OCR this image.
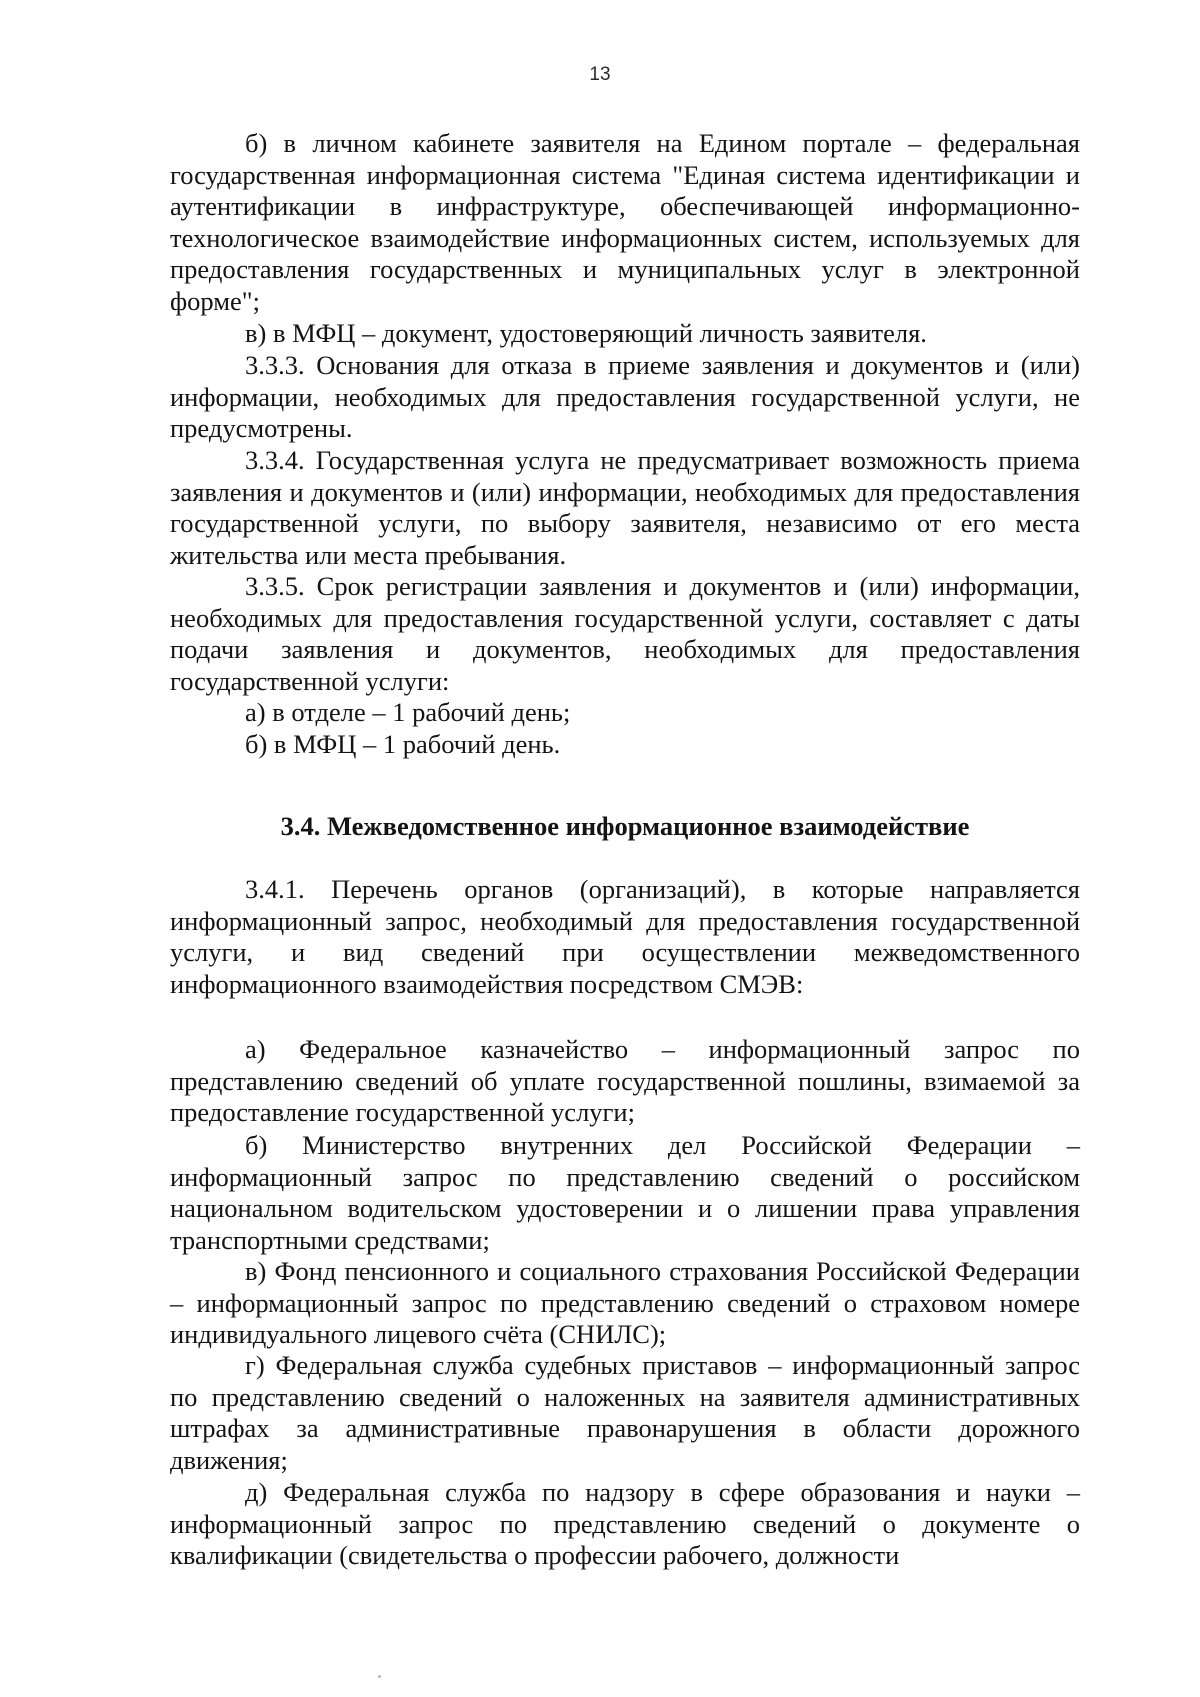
13

б) в личном кабинете заявителя на Едином портале – федеральная государственная информационная система "Единая система идентификации и аутентификации в инфраструктуре, обеспечивающей информационно-технологическое взаимодействие информационных систем, используемых для предоставления государственных и муниципальных услуг в электронной форме";

в) в МФЦ – документ, удостоверяющий личность заявителя.

3.3.3. Основания для отказа в приеме заявления и документов и (или) информации, необходимых для предоставления государственной услуги, не предусмотрены.

3.3.4. Государственная услуга не предусматривает возможность приема заявления и документов и (или) информации, необходимых для предоставления государственной услуги, по выбору заявителя, независимо от его места жительства или места пребывания.

3.3.5. Срок регистрации заявления и документов и (или) информации, необходимых для предоставления государственной услуги, составляет с даты подачи заявления и документов, необходимых для предоставления государственной услуги:

а) в отделе – 1 рабочий день;

б) в МФЦ – 1 рабочий день.

3.4. Межведомственное информационное взаимодействие

3.4.1. Перечень органов (организаций), в которые направляется информационный запрос, необходимый для предоставления государственной услуги, и вид сведений при осуществлении межведомственного информационного взаимодействия посредством СМЭВ:

а) Федеральное казначейство – информационный запрос по представлению сведений об уплате государственной пошлины, взимаемой за предоставление государственной услуги;

б) Министерство внутренних дел Российской Федерации – информационный запрос по представлению сведений о российском национальном водительском удостоверении и о лишении права управления транспортными средствами;

в) Фонд пенсионного и социального страхования Российской Федерации – информационный запрос по представлению сведений о страховом номере индивидуального лицевого счёта (СНИЛС);

г) Федеральная служба судебных приставов – информационный запрос по представлению сведений о наложенных на заявителя административных штрафах за административные правонарушения в области дорожного движения;

д) Федеральная служба по надзору в сфере образования и науки – информационный запрос по представлению сведений о документе о квалификации (свидетельства о профессии рабочего, должности
